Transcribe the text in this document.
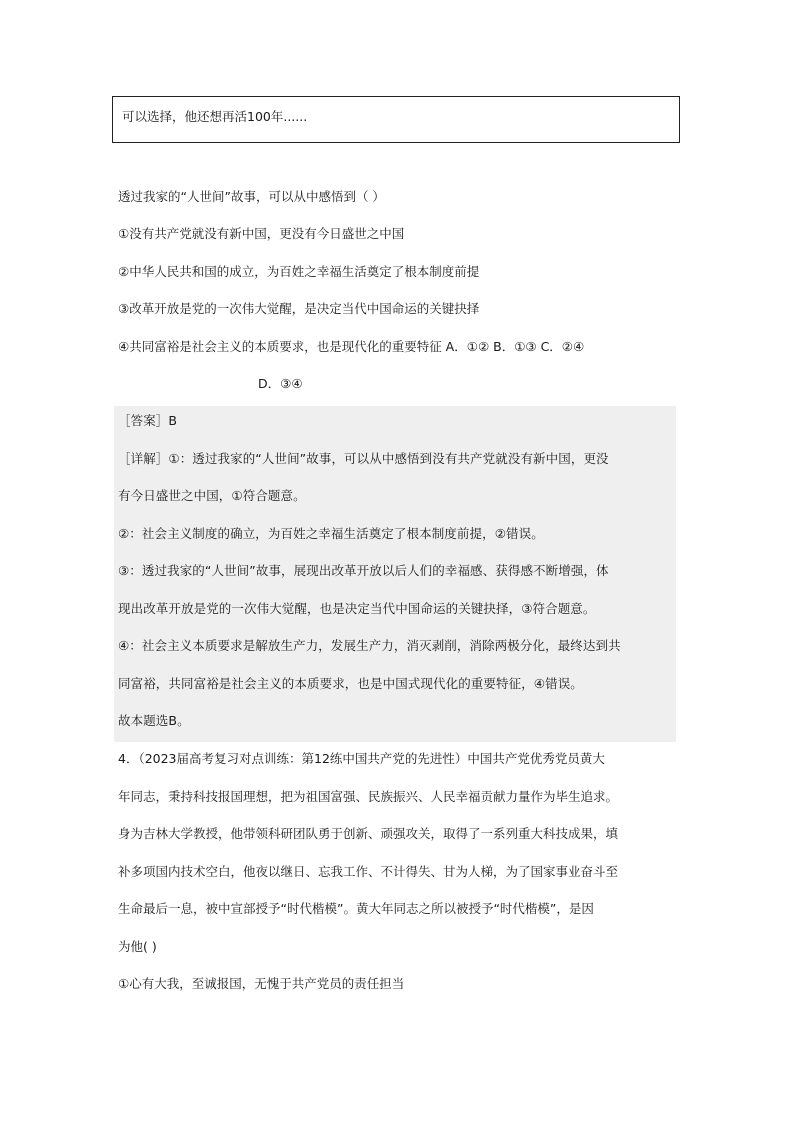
可以选择，他还想再活100年......
透过我家的“人世间”故事，可以从中感悟到（ ）
①没有共产党就没有新中国，更没有今日盛世之中国
②中华人民共和国的成立，为百姓之幸福生活奠定了根本制度前提
③改革开放是党的一次伟大觉醒，是决定当代中国命运的关键抉择
④共同富裕是社会主义的本质要求，也是现代化的重要特征 A．①② B．①③ C．②④
D．③④
［答案］B
［详解］①：透过我家的“人世间”故事，可以从中感悟到没有共产党就没有新中国，更没
有今日盛世之中国，①符合题意。
②：社会主义制度的确立，为百姓之幸福生活奠定了根本制度前提，②错误。
③：透过我家的“人世间”故事，展现出改革开放以后人们的幸福感、获得感不断增强，体
现出改革开放是党的一次伟大觉醒，也是决定当代中国命运的关键抉择，③符合题意。
④：社会主义本质要求是解放生产力，发展生产力，消灭剥削，消除两极分化，最终达到共
同富裕，共同富裕是社会主义的本质要求，也是中国式现代化的重要特征，④错误。
故本题选B。
4．（2023届高考复习对点训练：第12练中国共产党的先进性）中国共产党优秀党员黄大
年同志，秉持科技报国理想，把为祖国富强、民族振兴、人民幸福贡献力量作为毕生追求。
身为吉林大学教授，他带领科研团队勇于创新、顽强攻关，取得了一系列重大科技成果，填
补多项国内技术空白，他夜以继日、忘我工作、不计得失、甘为人梯，为了国家事业奋斗至
生命最后一息，被中宣部授予“时代楷模”。黄大年同志之所以被授予“时代楷模”，是因
为他( )
①心有大我，至诚报国，无愧于共产党员的责任担当
